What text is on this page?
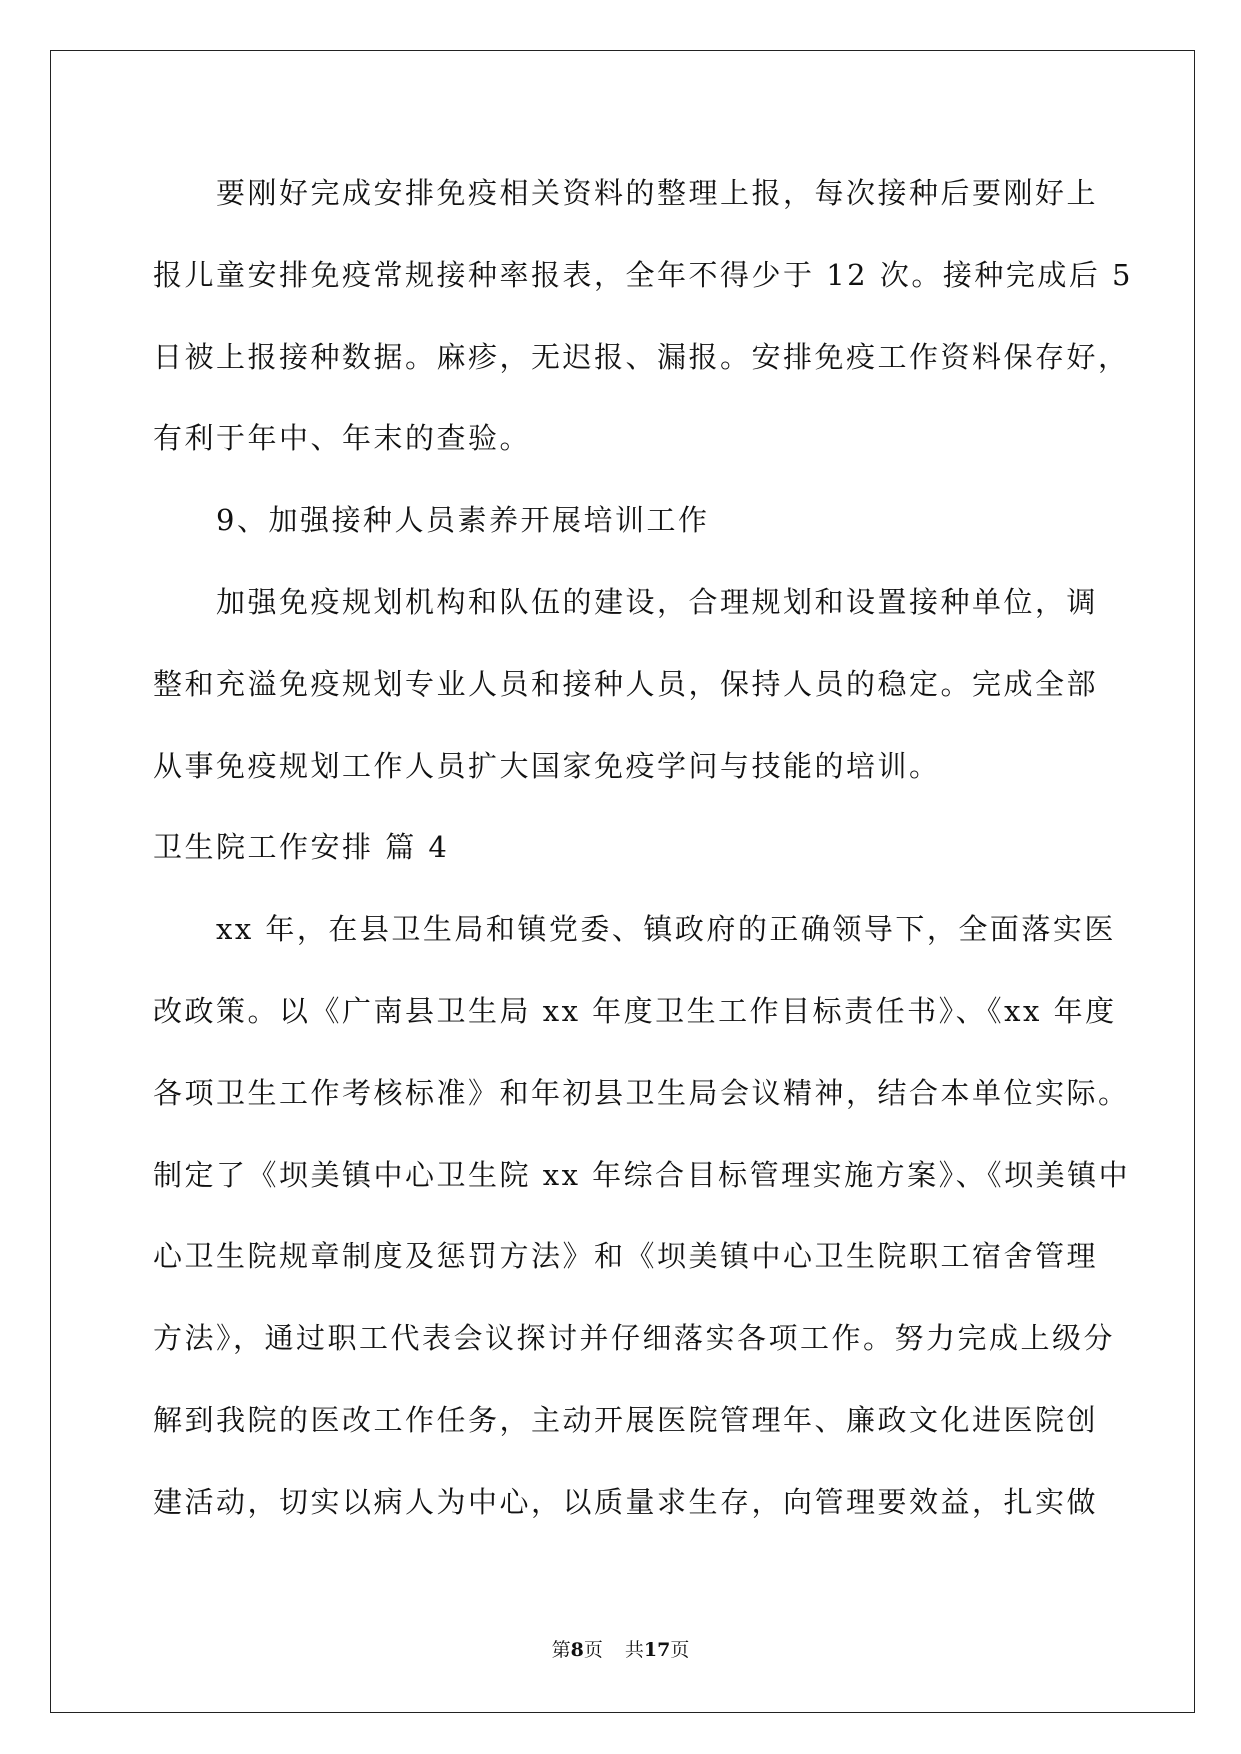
要刚好完成安排免疫相关资料的整理上报，每次接种后要刚好上
报儿童安排免疫常规接种率报表，全年不得少于 12 次。接种完成后 5
日被上报接种数据。麻疹，无迟报、漏报。安排免疫工作资料保存好，
有利于年中、年末的查验。
9、加强接种人员素养开展培训工作
加强免疫规划机构和队伍的建设，合理规划和设置接种单位，调
整和充溢免疫规划专业人员和接种人员，保持人员的稳定。完成全部
从事免疫规划工作人员扩大国家免疫学问与技能的培训。
卫生院工作安排 篇 4
xx 年，在县卫生局和镇党委、镇政府的正确领导下，全面落实医
改政策。以《广南县卫生局 xx 年度卫生工作目标责任书》、《xx 年度
各项卫生工作考核标准》和年初县卫生局会议精神，结合本单位实际。
制定了《坝美镇中心卫生院 xx 年综合目标管理实施方案》、《坝美镇中
心卫生院规章制度及惩罚方法》和《坝美镇中心卫生院职工宿舍管理
方法》，通过职工代表会议探讨并仔细落实各项工作。努力完成上级分
解到我院的医改工作任务，主动开展医院管理年、廉政文化进医院创
建活动，切实以病人为中心，以质量求生存，向管理要效益，扎实做
第8页 共17页
